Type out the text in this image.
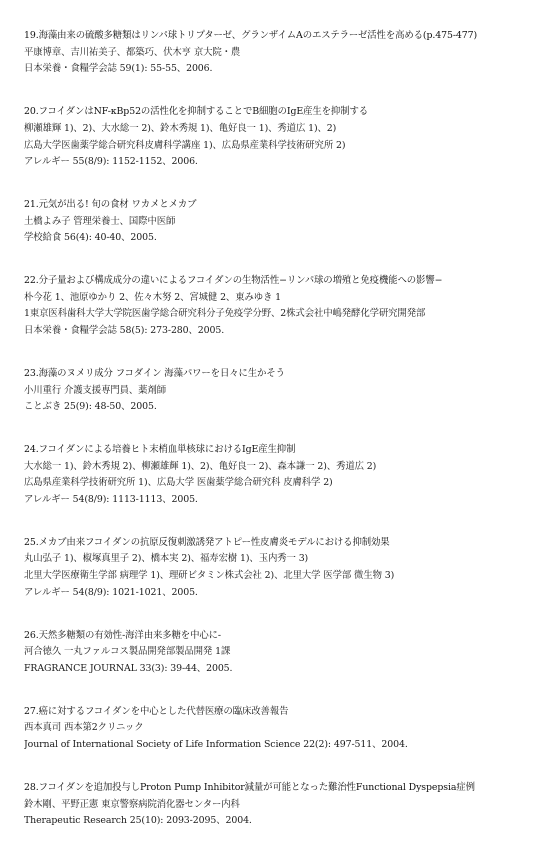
19.海藻由来の硫酸多糖類はリンパ球トリプターゼ、グランザイムAのエステラーゼ活性を高める(p.475‐477)
平康博章、吉川祐美子、都築巧、伏木亨 京大院・農
日本栄養・食糧学会誌 59(1): 55-55、2006.
20.フコイダンはNF-κBp52の活性化を抑制することでB細胞のIgE産生を抑制する
柳瀬雄輝 1)、2)、大水総一 2)、鈴木秀規 1)、亀好良一 1)、秀道広 1)、2)
広島大学医歯薬学総合研究科皮膚科学講座 1)、広島県産業科学技術研究所 2)
アレルギー 55(8/9): 1152-1152、2006.
21.元気が出る! 旬の食材 ワカメとメカブ
土橋よみ子 管理栄養士、国際中医師
学校給食 56(4): 40-40、2005.
22.分子量および構成成分の違いによるフコイダンの生物活性−リンパ球の増殖と免疫機能への影響−
朴今花 1、池原ゆかり 2、佐々木努 2、宮城健 2、東みゆき 1
1東京医科歯科大学大学院医歯学総合研究科分子免疫学分野、2株式会社中嶋発酵化学研究開発部
日本栄養・食糧学会誌 58(5): 273-280、2005.
23.海藻のヌメリ成分 フコダイン 海藻パワーを日々に生かそう
小川重行 介護支援専門員、薬剤師
ことぶき 25(9): 48-50、2005.
24.フコイダンによる培養ヒト末梢血単核球におけるIgE産生抑制
大水総一 1)、鈴木秀規 2)、柳瀬雄輝 1)、2)、亀好良一 2)、森本謙一 2)、秀道広 2)
広島県産業科学技術研究所 1)、広島大学 医歯薬学総合研究科 皮膚科学 2)
アレルギー 54(8/9): 1113-1113、2005.
25.メカブ由来フコイダンの抗原反復刺激誘発アトピー性皮膚炎モデルにおける抑制効果
丸山弘子 1)、椒塚真里子 2)、橋本実 2)、福寿宏樹 1)、玉内秀一 3)
北里大学医療衛生学部 病理学 1)、理研ビタミン株式会社 2)、北里大学 医学部 微生物 3)
アレルギー 54(8/9): 1021-1021、2005.
26.天然多糖類の有効性-海洋由来多糖を中心に-
河合徳久 一丸ファルコス製品開発部製品開発 1課
FRAGRANCE JOURNAL 33(3): 39-44、2005.
27.癌に対するフコイダンを中心とした代替医療の臨床改善報告
西本真司 西本第2クリニック
Journal of International Society of Life Information Science 22(2): 497-511、2004.
28.フコイダンを追加投与しProton Pump Inhibitor減量が可能となった難治性Functional Dyspepsia症例
鈴木剛、平野正憲 東京警察病院消化器センター内科
Therapeutic Research 25(10): 2093-2095、2004.
